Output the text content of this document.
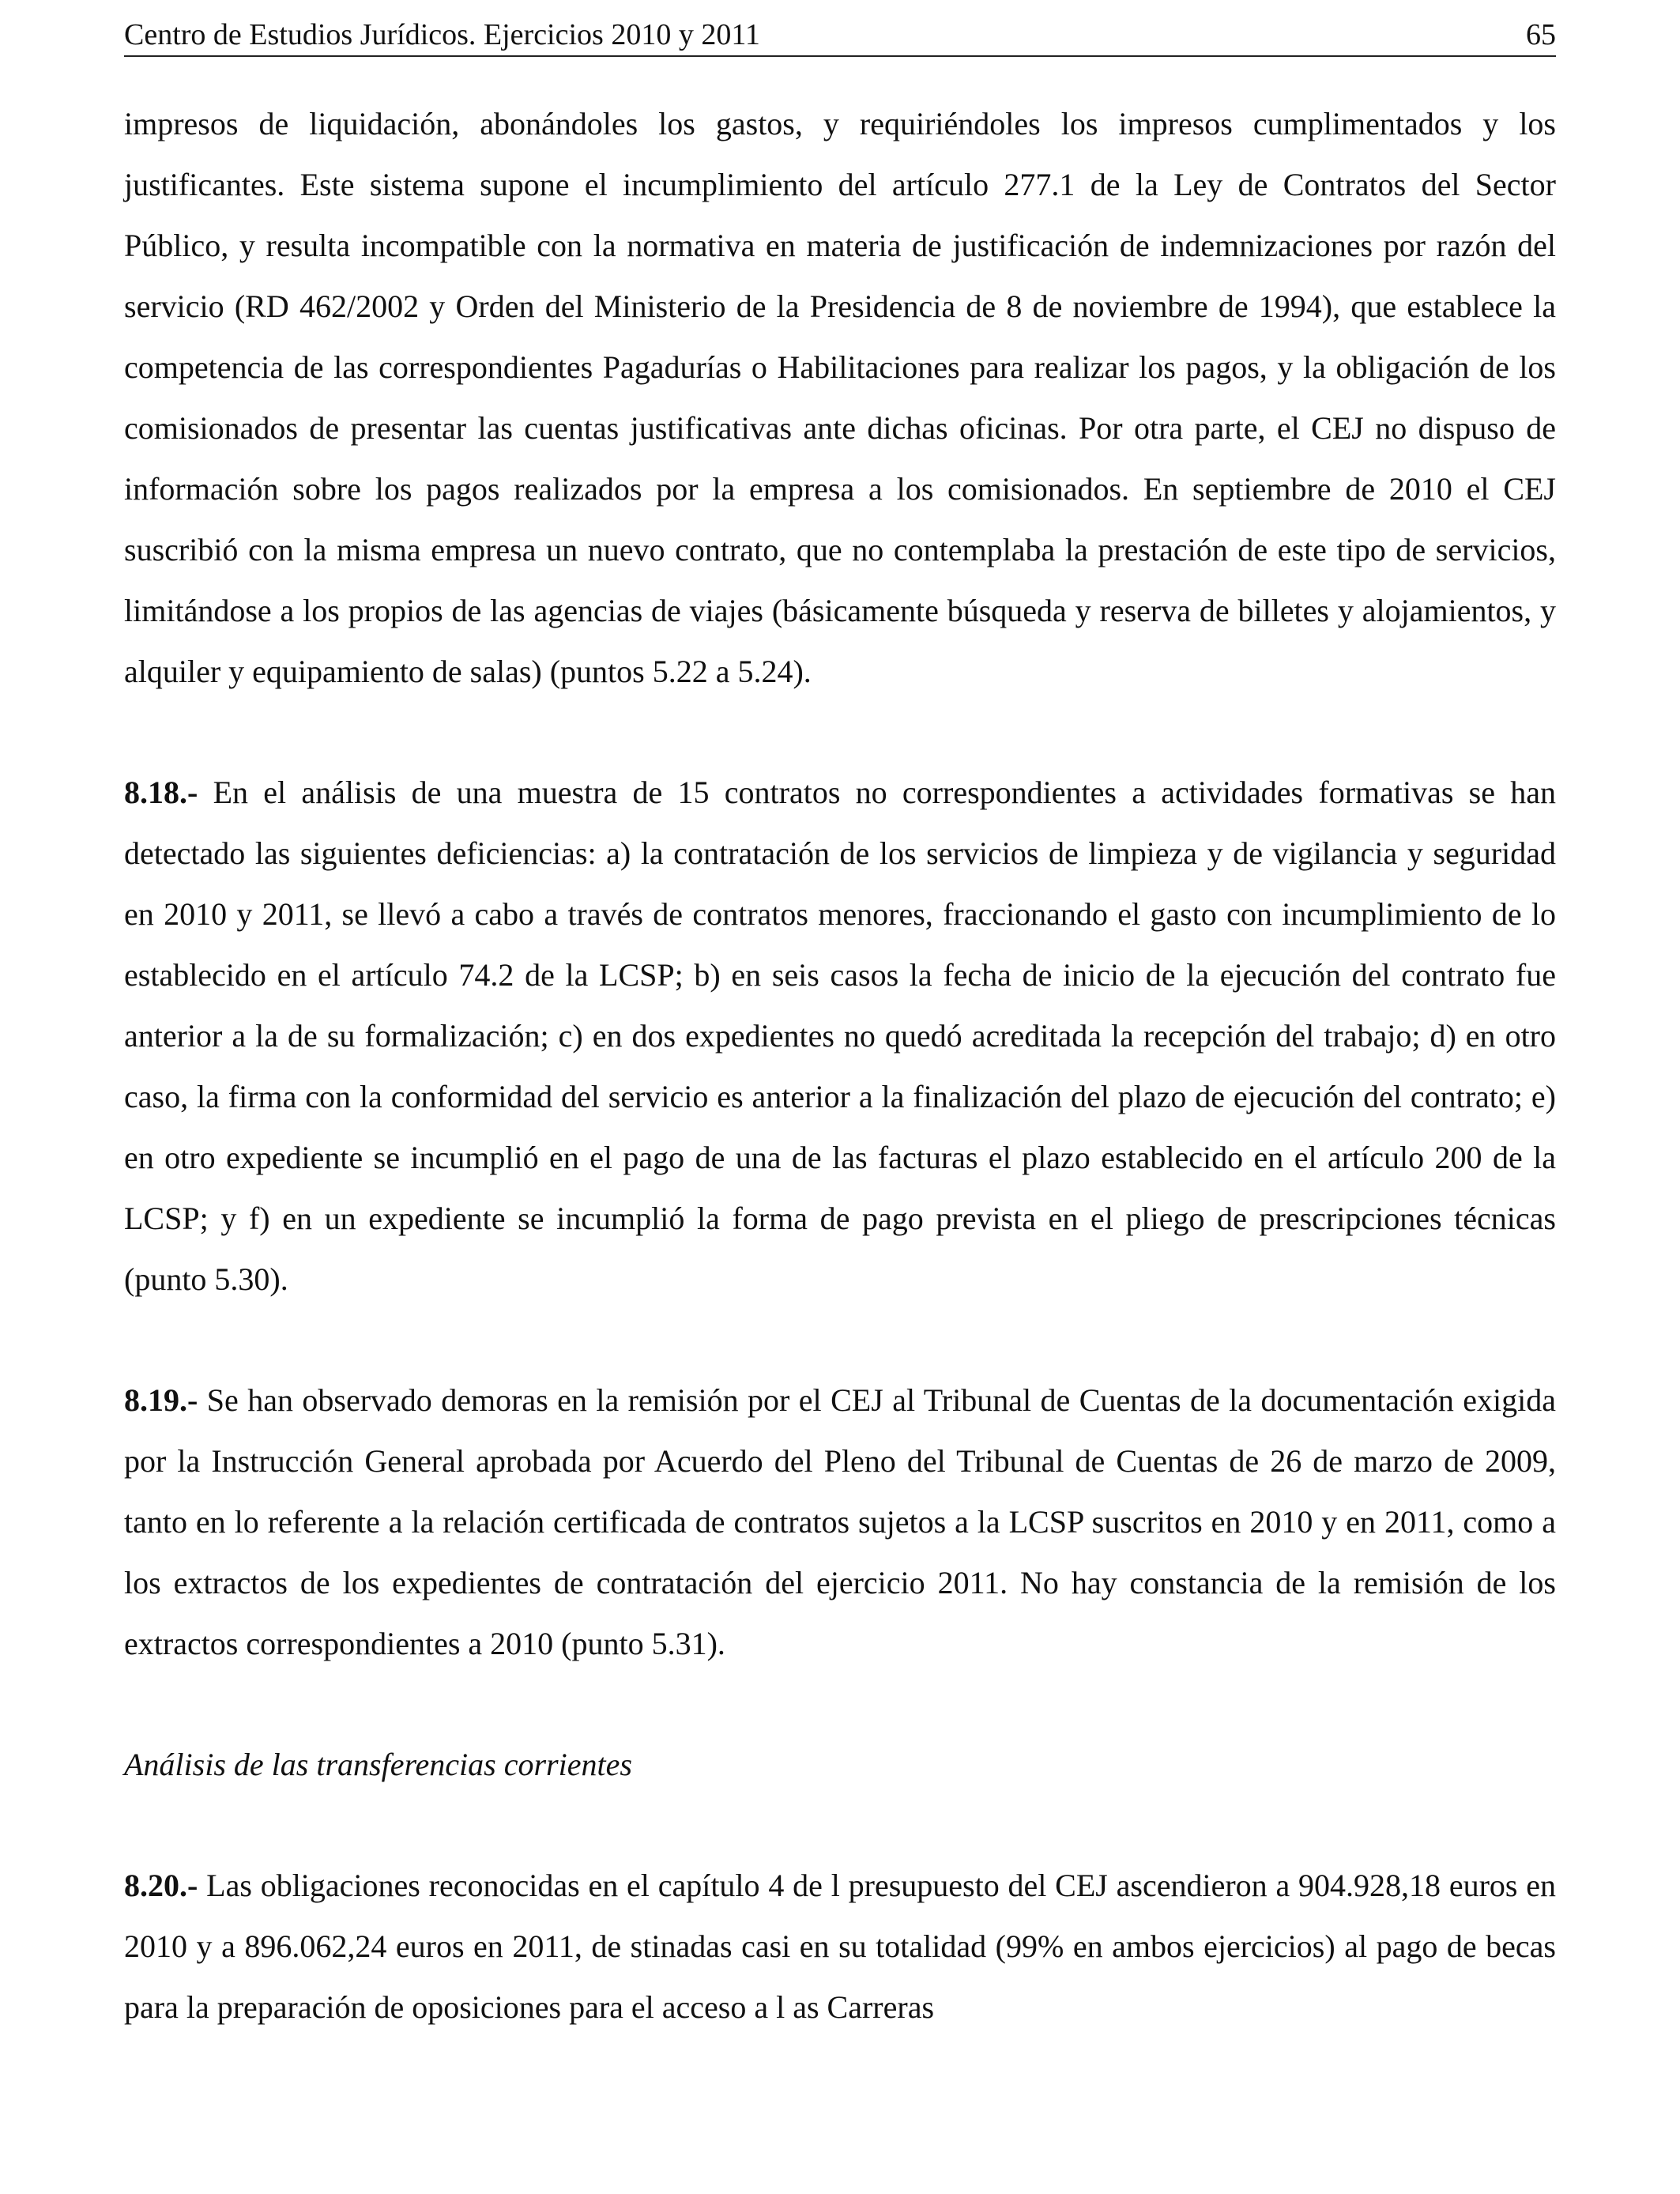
Centro de Estudios Jurídicos. Ejercicios 2010 y 2011	65

impresos de liquidación, abonándoles los gastos, y requiriéndoles los impresos cumplimentados y los justificantes. Este sistema supone el incumplimiento del artículo 277.1 de la Ley de Contratos del Sector Público, y resulta incompatible con la normativa en materia de justificación de indemnizaciones por razón del servicio (RD 462/2002 y Orden del Ministerio de la Presidencia de 8 de noviembre de 1994), que establece la competencia de las correspondientes Pagadurías o Habilitaciones para realizar los pagos, y la obligación de los comisionados de presentar las cuentas justificativas ante dichas oficinas. Por otra parte, el CEJ no dispuso de información sobre los pagos realizados por la empresa a los comisionados. En septiembre de 2010 el CEJ suscribió con la misma empresa un nuevo contrato, que no contemplaba la prestación de este tipo de servicios, limitándose a los propios de las agencias de viajes (básicamente búsqueda y reserva de billetes y alojamientos, y alquiler y equipamiento de salas) (puntos 5.22 a 5.24).

8.18.- En el análisis de una muestra de 15 contratos no correspondientes a actividades formativas se han detectado las siguientes deficiencias: a) la contratación de los servicios de limpieza y de vigilancia y seguridad en 2010 y 2011, se llevó a cabo a través de contratos menores, fraccionando el gasto con incumplimiento de lo establecido en el artículo 74.2 de la LCSP; b) en seis casos la fecha de inicio de la ejecución del contrato fue anterior a la de su formalización; c) en dos expedientes no quedó acreditada la recepción del trabajo; d) en otro caso, la firma con la conformidad del servicio es anterior a la finalización del plazo de ejecución del contrato; e) en otro expediente se incumplió en el pago de una de las facturas el plazo establecido en el artículo 200 de la LCSP; y f) en un expediente se incumplió la forma de pago prevista en el pliego de prescripciones técnicas (punto 5.30).

8.19.- Se han observado demoras en la remisión por el CEJ al Tribunal de Cuentas de la documentación exigida por la Instrucción General aprobada por Acuerdo del Pleno del Tribunal de Cuentas de 26 de marzo de 2009, tanto en lo referente a la relación certificada de contratos sujetos a la LCSP suscritos en 2010 y en 2011, como a los extractos de los expedientes de contratación del ejercicio 2011. No hay constancia de la remisión de los extractos correspondientes a 2010 (punto 5.31).

Análisis de las transferencias corrientes

8.20.- Las obligaciones reconocidas en el capítulo 4 de l presupuesto del CEJ ascendieron a 904.928,18 euros en 2010 y a 896.062,24 euros en 2011, de stinadas casi en su totalidad (99% en ambos ejercicios) al pago de becas para la preparación de oposiciones para el acceso a l as Carreras
